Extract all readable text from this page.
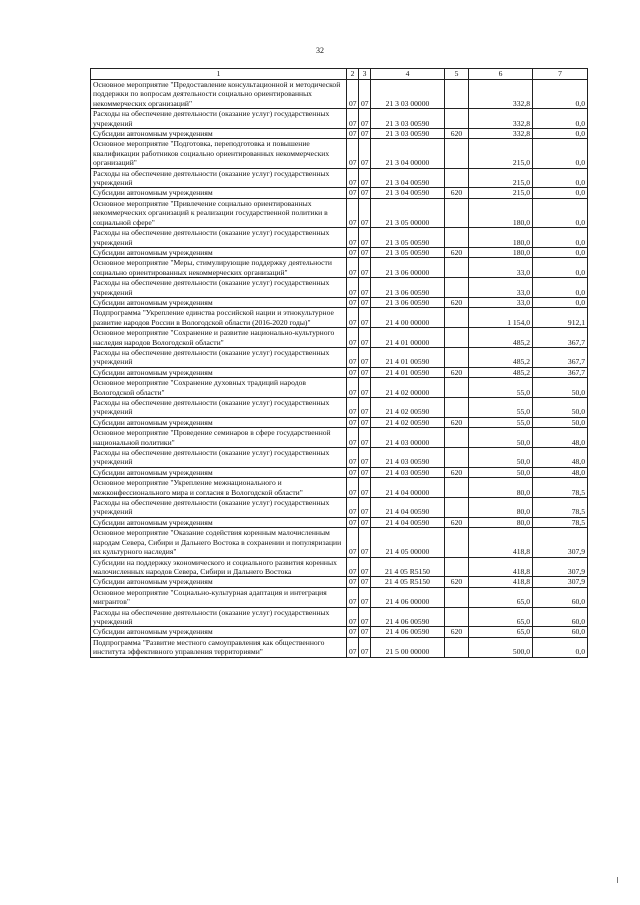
32
1	2	3	4	5	6	7
Основное мероприятие "Предоставление консультационной и методической поддержки по вопросам деятельности социально ориентированных некоммерческих организаций"	07	07	21 3 03 00000		332,8	0,0
Расходы на обеспечение деятельности (оказание услуг) государственных учреждений	07	07	21 3 03 00590		332,8	0,0
Субсидии автономным учреждениям	07	07	21 3 03 00590	620	332,8	0,0
Основное мероприятие "Подготовка, переподготовка и повышение квалификации работников социально ориентированных некоммерческих организаций"	07	07	21 3 04 00000		215,0	0,0
Расходы на обеспечение деятельности (оказание услуг) государственных учреждений	07	07	21 3 04 00590		215,0	0,0
Субсидии автономным учреждениям	07	07	21 3 04 00590	620	215,0	0,0
Основное мероприятие "Привлечение социально ориентированных некоммерческих организаций к реализации государственной политики в социальной сфере"	07	07	21 3 05 00000		180,0	0,0
Расходы на обеспечение деятельности (оказание услуг) государственных учреждений	07	07	21 3 05 00590		180,0	0,0
Субсидии автономным учреждениям	07	07	21 3 05 00590	620	180,0	0,0
Основное мероприятие "Меры, стимулирующие поддержку деятельности социально ориентированных некоммерческих организаций"	07	07	21 3 06 00000		33,0	0,0
Расходы на обеспечение деятельности (оказание услуг) государственных учреждений	07	07	21 3 06 00590		33,0	0,0
Субсидии автономным учреждениям	07	07	21 3 06 00590	620	33,0	0,0
Подпрограмма "Укрепление единства российской нации и этнокультурное развитие народов России в Вологодской области (2016-2020 годы)"	07	07	21 4 00 00000		1 154,0	912,1
Основное мероприятие "Сохранение и развитие национально-культурного наследия народов Вологодской области"	07	07	21 4 01 00000		485,2	367,7
Расходы на обеспечение деятельности (оказание услуг) государственных учреждений	07	07	21 4 01 00590		485,2	367,7
Субсидии автономным учреждениям	07	07	21 4 01 00590	620	485,2	367,7
Основное мероприятие "Сохранение духовных традиций народов Вологодской области"	07	07	21 4 02 00000		55,0	50,0
Расходы на обеспечение деятельности (оказание услуг) государственных учреждений	07	07	21 4 02 00590		55,0	50,0
Субсидии автономным учреждениям	07	07	21 4 02 00590	620	55,0	50,0
Основное мероприятие "Проведение семинаров в сфере государственной национальной политики"	07	07	21 4 03 00000		50,0	48,0
Расходы на обеспечение деятельности (оказание услуг) государственных учреждений	07	07	21 4 03 00590		50,0	48,0
Субсидии автономным учреждениям	07	07	21 4 03 00590	620	50,0	48,0
Основное мероприятие "Укрепление межнационального и межконфессионального мира и согласия в Вологодской области"	07	07	21 4 04 00000		80,0	78,5
Расходы на обеспечение деятельности (оказание услуг) государственных учреждений	07	07	21 4 04 00590		80,0	78,5
Субсидии автономным учреждениям	07	07	21 4 04 00590	620	80,0	78,5
Основное мероприятие "Оказание содействия коренным малочисленным народам Севера, Сибири и Дальнего Востока в сохранении и популяризации их культурного наследия"	07	07	21 4 05 00000		418,8	307,9
Субсидии на поддержку экономического и социального развития коренных малочисленных народов Севера, Сибири и Дальнего Востока	07	07	21 4 05 R5150		418,8	307,9
Субсидии автономным учреждениям	07	07	21 4 05 R5150	620	418,8	307,9
Основное мероприятие "Социально-культурная адаптация и интеграция мигрантов"	07	07	21 4 06 00000		65,0	60,0
Расходы на обеспечение деятельности (оказание услуг) государственных учреждений	07	07	21 4 06 00590		65,0	60,0
Субсидии автономным учреждениям	07	07	21 4 06 00590	620	65,0	60,0
Подпрограмма "Развитие местного самоуправления как общественного института эффективного управления территориями"	07	07	21 5 00 00000		500,0	0,0
